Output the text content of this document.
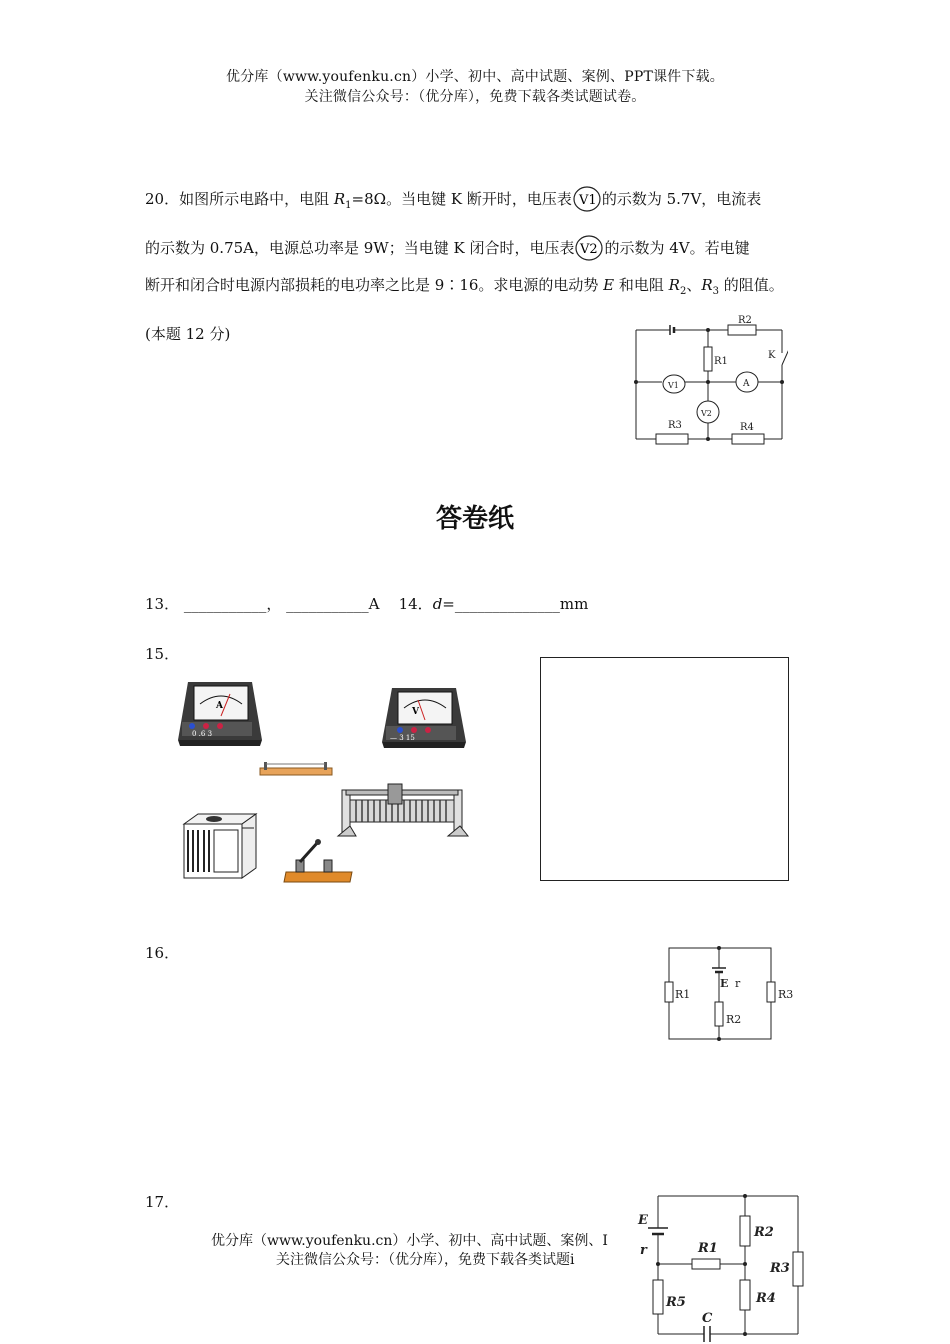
优分库（www.youfenku.cn）小学、初中、高中试题、案例、PPT课件下载。
关注微信公众号：（优分库），免费下载各类试题试卷。
20．如图所示电路中，电阻 $R_1=8\Omega$。当电键 K 断开时，电压表 V1 的示数为 5.7V，电流表
的示数为 0.75A，电源总功率是 9W；当电键 K 闭合时，电压表 V2 的示数为 4V。若电键
断开和闭合时电源内部损耗的电功率之比是 9∶16。求电源的电动势 E 和电阻 $R_2$、$R_3$ 的阻值。
(本题 12 分)
R2
R1
K
V1	A
V2
R3	R4
答卷纸
13． ___________， ___________A 14．d=______________mm
15．
A
0 .6 3
V
— 3 15
16．
R1
E r
R2
R3
17．
E
r	R1
R2
R3
R4
R5
C
优分库（www.youfenku.cn）小学、初中、高中试题、案例、I
关注微信公众号：（优分库），免费下载各类试题i
